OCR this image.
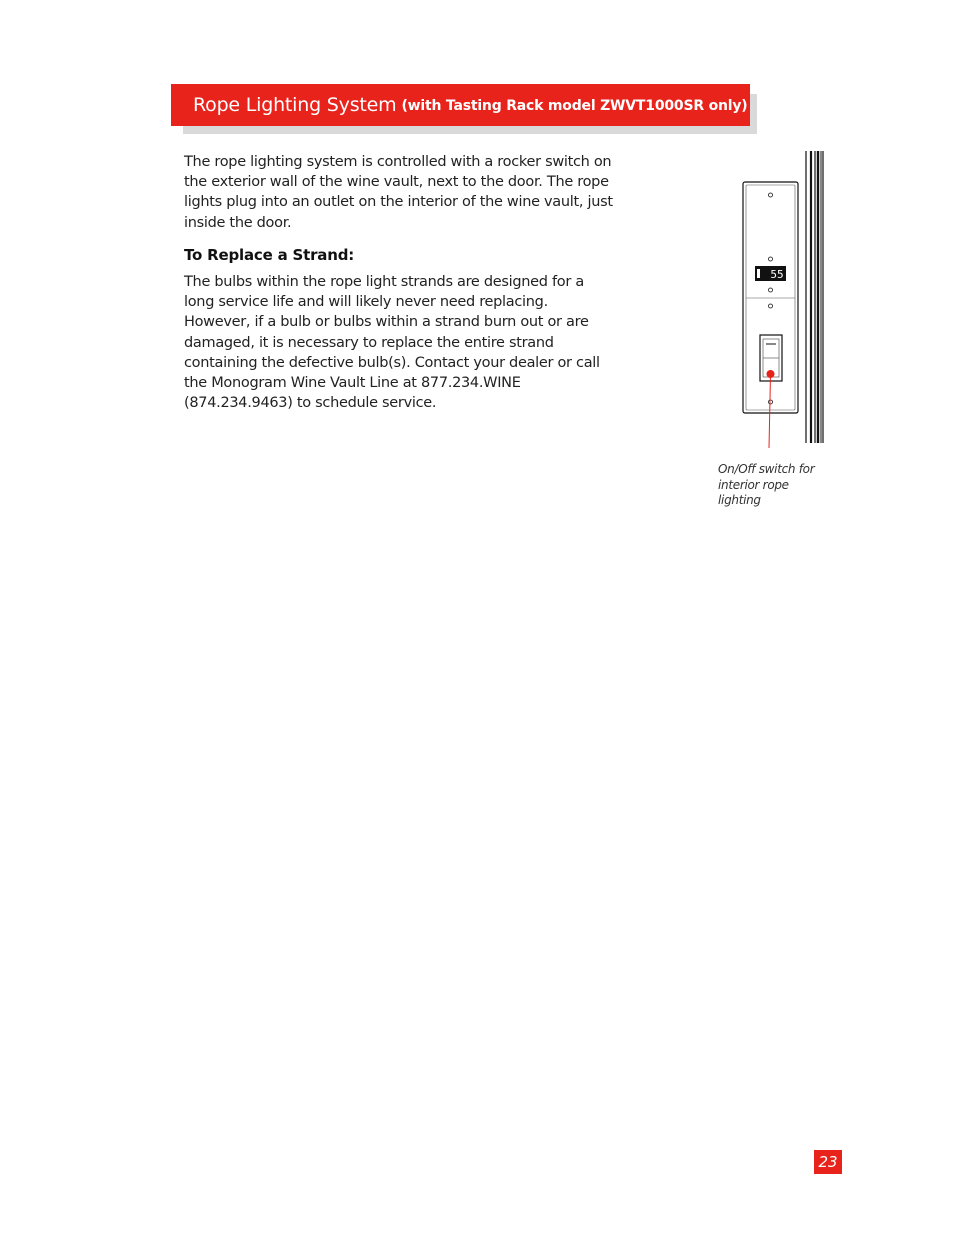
Rope Lighting System (with Tasting Rack model ZWVT1000SR only)

The rope lighting system is controlled with a rocker switch on the exterior wall of the wine vault, next to the door. The rope lights plug into an outlet on the interior of the wine vault, just inside the door.

To Replace a Strand:

The bulbs within the rope light strands are designed for a long service life and will likely never need replacing. However, if a bulb or bulbs within a strand burn out or are damaged, it is necessary to replace the entire strand containing the defective bulb(s). Contact your dealer or call the Monogram Wine Vault Line at 877.234.WINE (874.234.9463) to schedule service.

55

On/Off switch for interior rope lighting

23
